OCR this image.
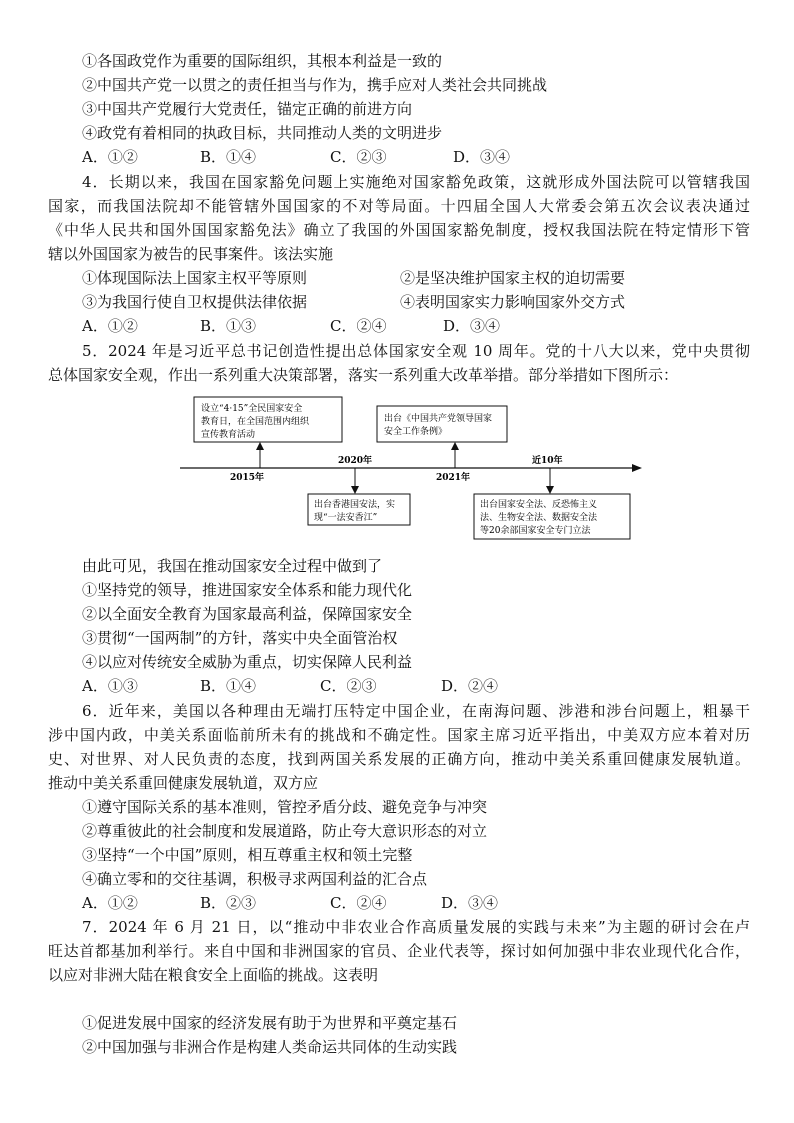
①各国政党作为重要的国际组织，其根本利益是一致的
②中国共产党一以贯之的责任担当与作为，携手应对人类社会共同挑战
③中国共产党履行大党责任，锚定正确的前进方向
④政党有着相同的执政目标，共同推动人类的文明进步
A．①②	B．①④	C．②③	D．③④
4．长期以来，我国在国家豁免问题上实施绝对国家豁免政策，这就形成外国法院可以管辖我国
国家，而我国法院却不能管辖外国国家的不对等局面。十四届全国人大常委会第五次会议表决通过
《中华人民共和国外国国家豁免法》确立了我国的外国国家豁免制度，授权我国法院在特定情形下管
辖以外国国家为被告的民事案件。该法实施
①体现国际法上国家主权平等原则	②是坚决维护国家主权的迫切需要
③为我国行使自卫权提供法律依据	④表明国家实力影响国家外交方式
A．①②	B．①③	C．②④	D．③④
5．2024 年是习近平总书记创造性提出总体国家安全观 10 周年。党的十八大以来，党中央贯彻
总体国家安全观，作出一系列重大决策部署，落实一系列重大改革举措。部分举措如下图所示：
2015年
2020年
2021年
近10年
设立“4·15”全民国家安全
教育日，在全国范围内组织
宣传教育活动
出台《中国共产党领导国家
安全工作条例》
出台香港国安法，实
现“一法安香江”
出台国家安全法、反恐怖主义
法、生物安全法、数据安全法
等20余部国家安全专门立法
由此可见，我国在推动国家安全过程中做到了
①坚持党的领导，推进国家安全体系和能力现代化
②以全面安全教育为国家最高利益，保障国家安全
③贯彻“一国两制”的方针，落实中央全面管治权
④以应对传统安全威胁为重点，切实保障人民利益
A．①③	B．①④	C．②③	D．②④
6．近年来，美国以各种理由无端打压特定中国企业，在南海问题、涉港和涉台问题上，粗暴干
涉中国内政，中美关系面临前所未有的挑战和不确定性。国家主席习近平指出，中美双方应本着对历
史、对世界、对人民负责的态度，找到两国关系发展的正确方向，推动中美关系重回健康发展轨道。
推动中美关系重回健康发展轨道，双方应
①遵守国际关系的基本准则，管控矛盾分歧、避免竞争与冲突
②尊重彼此的社会制度和发展道路，防止夸大意识形态的对立
③坚持“一个中国”原则，相互尊重主权和领土完整
④确立零和的交往基调，积极寻求两国利益的汇合点
A．①②	B．②③	C．②④	D．③④
7．2024 年 6 月 21 日，以“推动中非农业合作高质量发展的实践与未来”为主题的研讨会在卢
旺达首都基加利举行。来自中国和非洲国家的官员、企业代表等，探讨如何加强中非农业现代化合作，
以应对非洲大陆在粮食安全上面临的挑战。这表明
①促进发展中国家的经济发展有助于为世界和平奠定基石
②中国加强与非洲合作是构建人类命运共同体的生动实践
